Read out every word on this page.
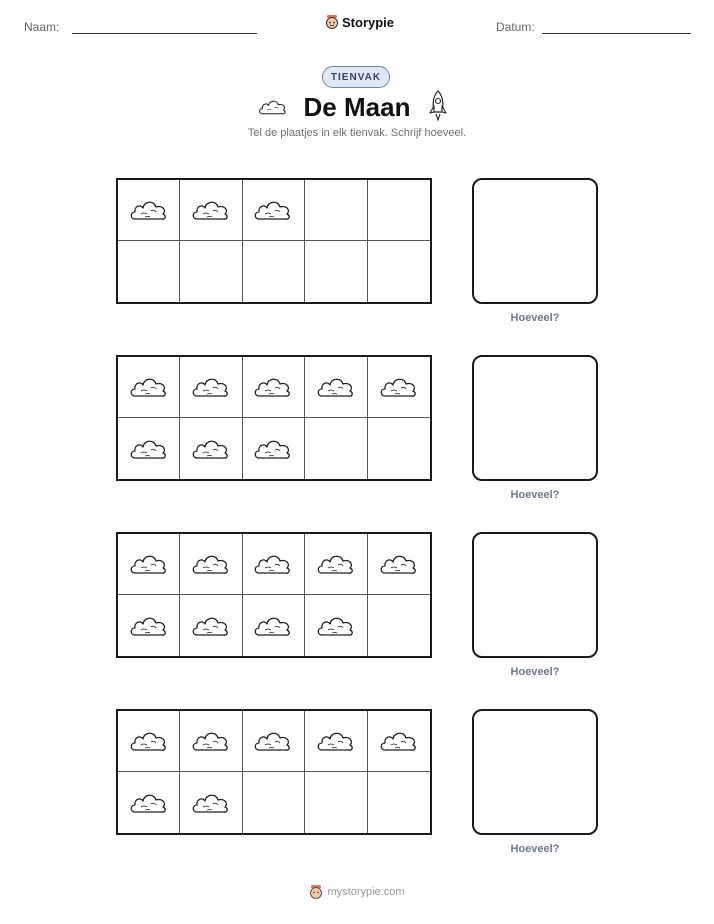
Naam:	Storypie	Datum:
TIENVAK
De Maan
Tel de plaatjes in elk tienvak. Schrijf hoeveel.
Hoeveel?
Hoeveel?
Hoeveel?
Hoeveel?
mystorypie.com
